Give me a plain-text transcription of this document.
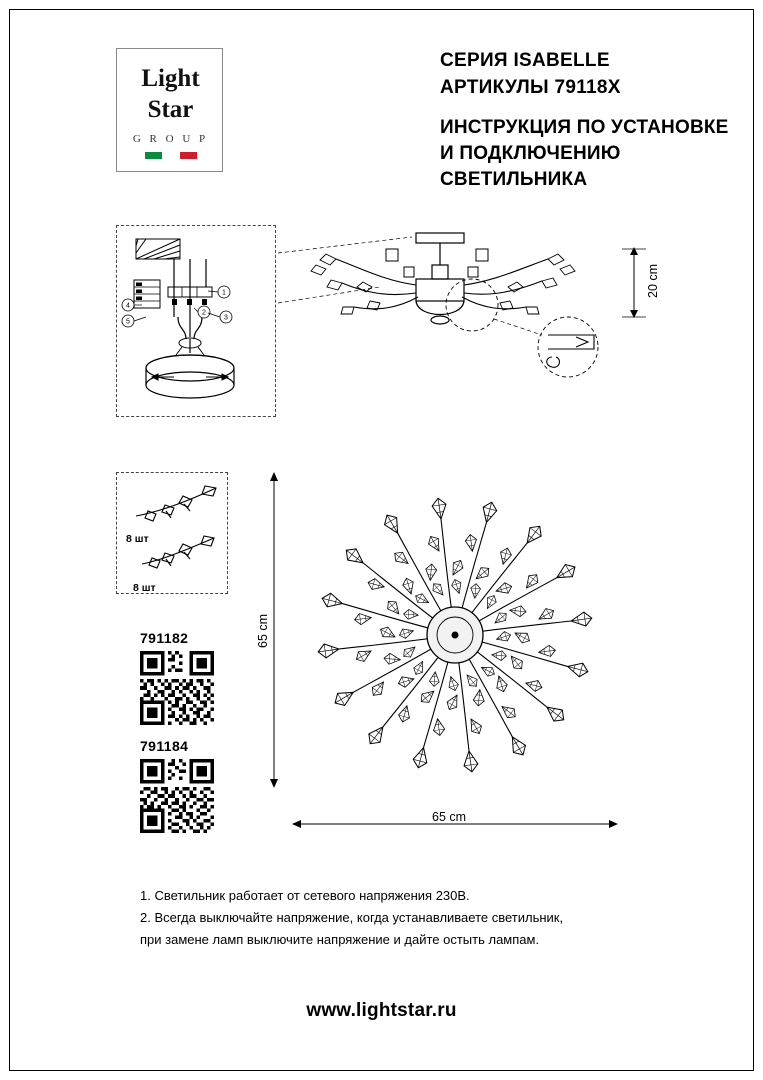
Light
Star
G R O U P
СЕРИЯ ISABELLE
АРТИКУЛЫ 79118X
ИНСТРУКЦИЯ ПО УСТАНОВКЕ
И ПОДКЛЮЧЕНИЮ СВЕТИЛЬНИКА
1
2
3
4
5
20 cm
8 шт
8 шт
791182
791184
65 cm
65 cm
1. Светильник работает от сетевого напряжения 230В.
2. Всегда выключайте напряжение, когда устанавливаете светильник,
при замене ламп выключите напряжение и дайте остыть лампам.
www.lightstar.ru
